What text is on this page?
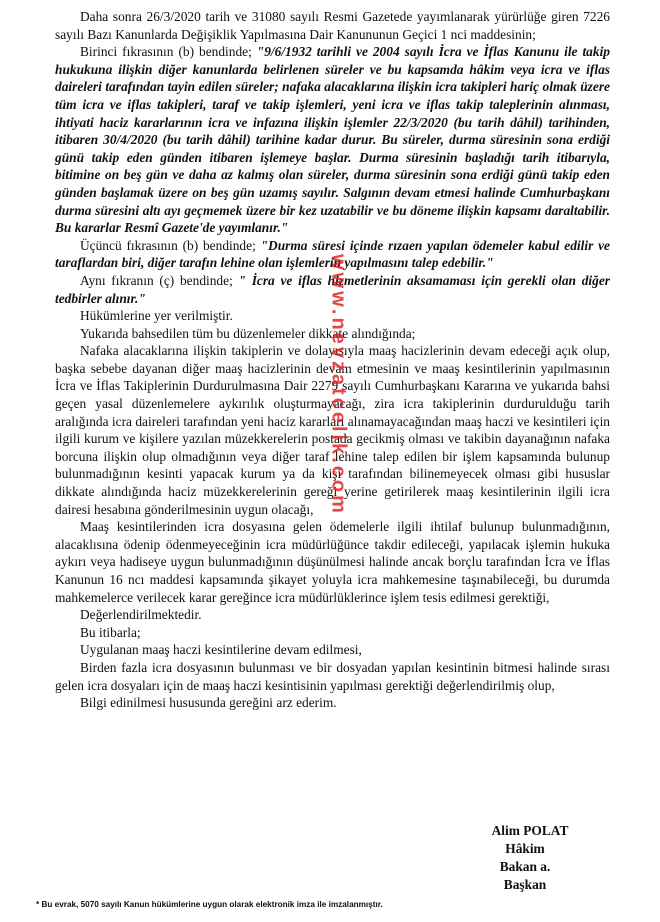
www.nevzatcelik.com

Daha sonra 26/3/2020 tarih ve 31080 sayılı Resmi Gazetede yayımlanarak yürürlüğe giren 7226 sayılı Bazı Kanunlarda Değişiklik Yapılmasına Dair Kanununun Geçici 1 nci maddesinin;

Birinci fıkrasının (b) bendinde; "9/6/1932 tarihli ve 2004 sayılı İcra ve İflas Kanunu ile takip hukukuna ilişkin diğer kanunlarda belirlenen süreler ve bu kapsamda hâkim veya icra ve iflas daireleri tarafından tayin edilen süreler; nafaka alacaklarına ilişkin icra takipleri hariç olmak üzere tüm icra ve iflas takipleri, taraf ve takip işlemleri, yeni icra ve iflas takip taleplerinin alınması, ihtiyati haciz kararlarının icra ve infazına ilişkin işlemler 22/3/2020 (bu tarih dâhil) tarihinden, itibaren 30/4/2020 (bu tarih dâhil) tarihine kadar durur. Bu süreler, durma süresinin sona erdiği günü takip eden günden itibaren işlemeye başlar. Durma süresinin başladığı tarih itibarıyla, bitimine on beş gün ve daha az kalmış olan süreler, durma süresinin sona erdiği günü takip eden günden başlamak üzere on beş gün uzamış sayılır. Salgının devam etmesi halinde Cumhurbaşkanı durma süresini altı ayı geçmemek üzere bir kez uzatabilir ve bu döneme ilişkin kapsamı daraltabilir. Bu kararlar Resmî Gazete'de yayımlanır."

Üçüncü fıkrasının (b) bendinde; "Durma süresi içinde rızaen yapılan ödemeler kabul edilir ve taraflardan biri, diğer tarafın lehine olan işlemlerin yapılmasını talep edebilir."

Aynı fıkranın (ç) bendinde; " İcra ve iflas hizmetlerinin aksamaması için gerekli olan diğer tedbirler alınır."

Hükümlerine yer verilmiştir.

Yukarıda bahsedilen tüm bu düzenlemeler dikkate alındığında;

Nafaka alacaklarına ilişkin takiplerin ve dolayısıyla maaş hacizlerinin devam edeceği açık olup, başka sebebe dayanan diğer maaş hacizlerinin devam etmesinin ve maaş kesintilerinin yapılmasının İcra ve İflas Takiplerinin Durdurulmasına Dair 2279 sayılı Cumhurbaşkanı Kararına ve yukarıda bahsi geçen yasal düzenlemelere aykırılık oluşturmayacağı, zira icra takiplerinin durdurulduğu tarih aralığında icra daireleri tarafından yeni haciz kararları alınamayacağından maaş haczi ve kesintileri için ilgili kurum ve kişilere yazılan müzekkerelerin postada gecikmiş olması ve takibin dayanağının nafaka borcuna ilişkin olup olmadığının veya diğer taraf lehine talep edilen bir işlem kapsamında bulunup bulunmadığının kesinti yapacak kurum ya da kişi tarafından bilinemeyecek olması gibi hususlar dikkate alındığında haciz müzekkerelerinin gereği yerine getirilerek maaş kesintilerinin ilgili icra dairesi hesabına gönderilmesinin uygun olacağı,

Maaş kesintilerinden icra dosyasına gelen ödemelerle ilgili ihtilaf bulunup bulunmadığının, alacaklısına ödenip ödenmeyeceğinin icra müdürlüğünce takdir edileceği, yapılacak işlemin hukuka aykırı veya hadiseye uygun bulunmadığının düşünülmesi halinde ancak borçlu tarafından İcra ve İflas Kanunun 16 ncı maddesi kapsamında şikayet yoluyla icra mahkemesine taşınabileceği, bu durumda mahkemelerce verilecek karar gereğince icra müdürlüklerince işlem tesis edilmesi gerektiği,

Değerlendirilmektedir.

Bu itibarla;

Uygulanan maaş haczi kesintilerine devam edilmesi,

Birden fazla icra dosyasının bulunması ve bir dosyadan yapılan kesintinin bitmesi halinde sırası gelen icra dosyaları için de maaş haczi kesintisinin yapılması gerektiği değerlendirilmiş olup,

Bilgi edinilmesi hususunda gereğini arz ederim.

Alim POLAT
Hâkim
Bakan a.
Başkan
* Bu evrak, 5070 sayılı Kanun hükümlerine uygun olarak elektronik imza ile imzalanmıştır.
